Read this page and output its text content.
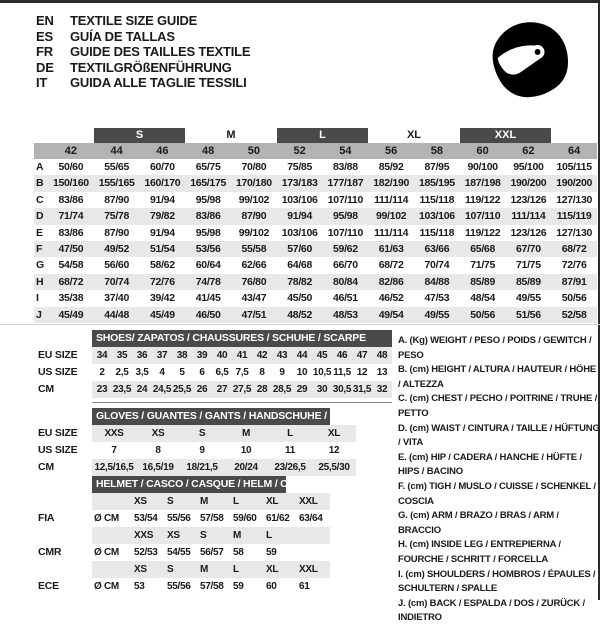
EN	TEXTILE SIZE GUIDE
ES	GUÍA DE TALLAS
FR	GUIDE DES TAILLES TEXTILE
DE	TEXTILGRÖßENFÜHRUNG
IT	GUIDA ALLE TAGLIE TESSILI
S	M	L	XL	XXL
42	44	46	48	50	52	54	56	58	60	62	64
A	50/60	55/65	60/70	65/75	70/80	75/85	83/88	85/92	87/95	90/100	95/100	105/115
B 150/160 155/165 160/170 165/175 170/180 173/183 177/187 182/190 185/195 187/198 190/200 190/200
C	83/86	87/90	91/94	95/98	99/102	103/106 107/110	111/114	115/118	119/122 123/126 127/130
D	71/74	75/78	79/82	83/86	87/90	91/94	95/98	99/102	103/106 107/110	111/114	115/119
E	83/86	87/90	91/94	95/98	99/102	103/106 107/110	111/114	115/118	119/122 123/126 127/130
F	47/50	49/52	51/54	53/56	55/58	57/60	59/62	61/63	63/66	65/68	67/70	68/72
G	54/58	56/60	58/62	60/64	62/66	64/68	66/70	68/72	70/74	71/75	71/75	72/76
H	68/72	70/74	72/76	74/78	76/80	78/82	80/84	82/86	84/88	85/89	85/89	87/91
I	35/38	37/40	39/42	41/45	43/47	45/50	46/51	46/52	47/53	48/54	49/55	50/56
J	45/49	44/48	45/49	46/50	47/51	48/52	48/53	49/54	49/55	50/56	51/56	52/58
SHOES/ ZAPATOS / CHAUSSURES / SCHUHE / SCARPE
EU SIZE	34 35 36 37 38 39 40 41 42 43 44 45 46 47 48
US SIZE	2	2,5 3,5	4	5	6	6,5 7,5	8	9	10 10,5 11,5 12 13
CM	23 23,5 24 24,5 25,5 26 27 27,5 28 28,5 29 30 30,5 31,5 32
GLOVES / GUANTES / GANTS / HANDSCHUHE / GUANTI
EU SIZE	XXS	XS	S	M	L	XL
US SIZE	7	8	9	10	11	12
CM	12,5/16,5 16,5/19	18/21,5	20/24	23/26,5	25,5/30
HELMET / CASCO / CASQUE / HELM / CASCO
XS	S	M	L	XL	XXL
FIA	Ø CM	53/54 55/56 57/58 59/60 61/62 63/64
XXS	XS	S	M	L
CMR	Ø CM	52/53 54/55 56/57 58	59
XS	S	M	L	XL	XXL
ECE	Ø CM	53	55/56 57/58 59	60	61
A. (Kg) WEIGHT / PESO / POIDS / GEWITCH / PESO
B. (cm) HEIGHT / ALTURA / HAUTEUR / HÖHE / ALTEZZA
C. (cm) CHEST / PECHO / POITRINE / TRUHE / PETTO
D. (cm) WAIST / CINTURA / TAILLE / HÜFTUNG / VITA
E. (cm) HIP / CADERA / HANCHE / HÜFTE / HIPS / BACINO
F. (cm) TIGH / MUSLO / CUISSE / SCHENKEL / COSCIA
G. (cm) ARM / BRAZO / BRAS / ARM / BRACCIO
H. (cm) INSIDE LEG / ENTREPIERNA / FOURCHE / SCHRITT / FORCELLA
I. (cm) SHOULDERS / HOMBROS / ÉPAULES / SCHULTERN / SPALLE
J. (cm) BACK / ESPALDA / DOS / ZURÜCK / INDIETRO
